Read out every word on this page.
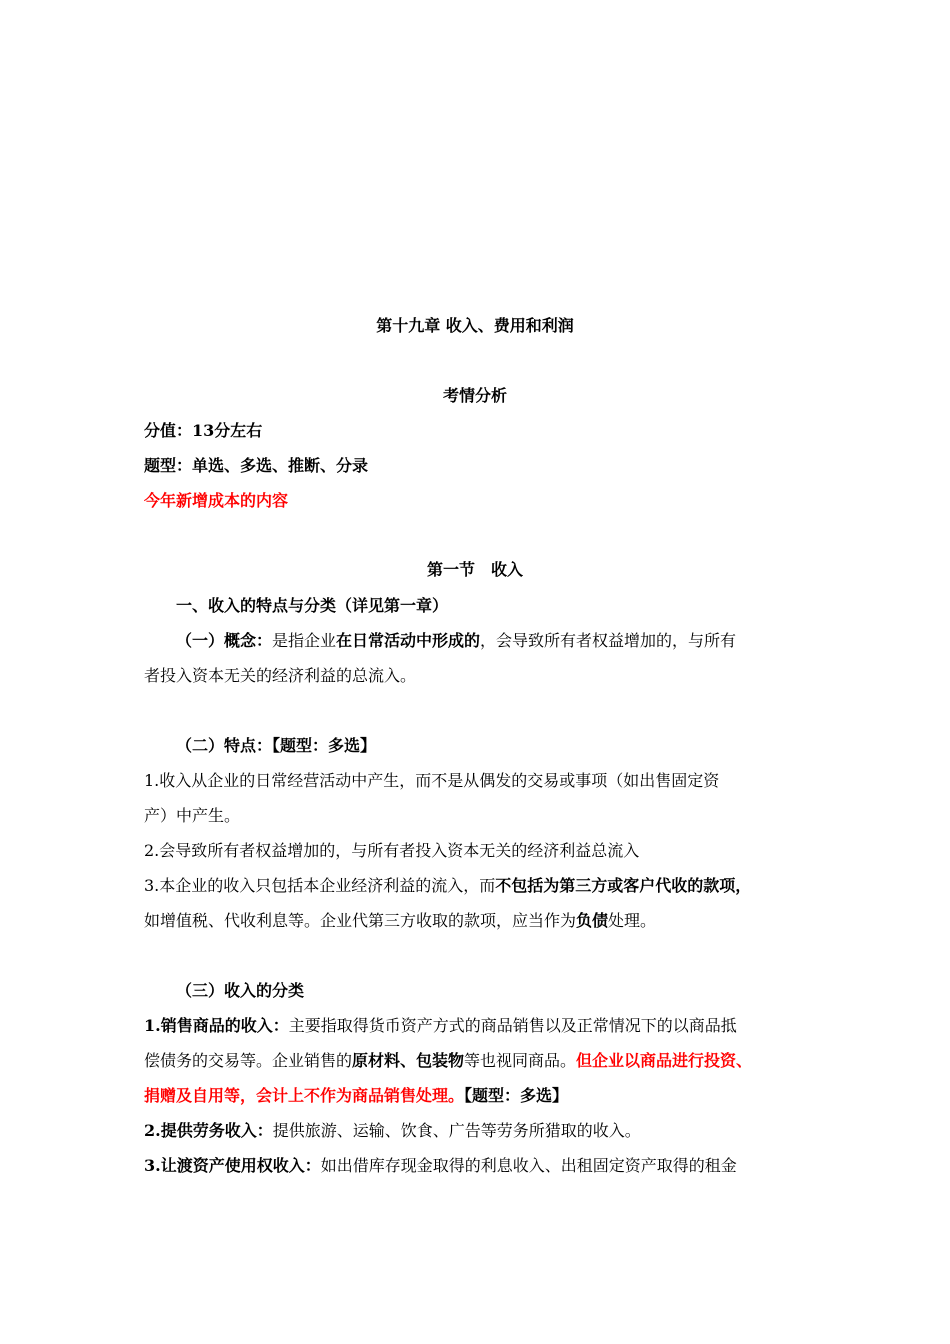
第十九章 收入、费用和利润
考情分析
分值：13分左右
题型：单选、多选、推断、分录
今年新增成本的内容
第一节　收入
一、收入的特点与分类（详见第一章）
（一）概念：是指企业在日常活动中形成的，会导致所有者权益增加的，与所有
者投入资本无关的经济利益的总流入。
（二）特点：【题型：多选】
1.收入从企业的日常经营活动中产生，而不是从偶发的交易或事项（如出售固定资
产）中产生。
2.会导致所有者权益增加的，与所有者投入资本无关的经济利益总流入
3.本企业的收入只包括本企业经济利益的流入，而不包括为第三方或客户代收的款项，
如增值税、代收利息等。企业代第三方收取的款项，应当作为负债处理。
（三）收入的分类
1.销售商品的收入：主要指取得货币资产方式的商品销售以及正常情况下的以商品抵
偿债务的交易等。企业销售的原材料、包装物等也视同商品。但企业以商品进行投资、
捐赠及自用等，会计上不作为商品销售处理。【题型：多选】
2.提供劳务收入：提供旅游、运输、饮食、广告等劳务所猎取的收入。
3.让渡资产使用权收入：如出借库存现金取得的利息收入、出租固定资产取得的租金
